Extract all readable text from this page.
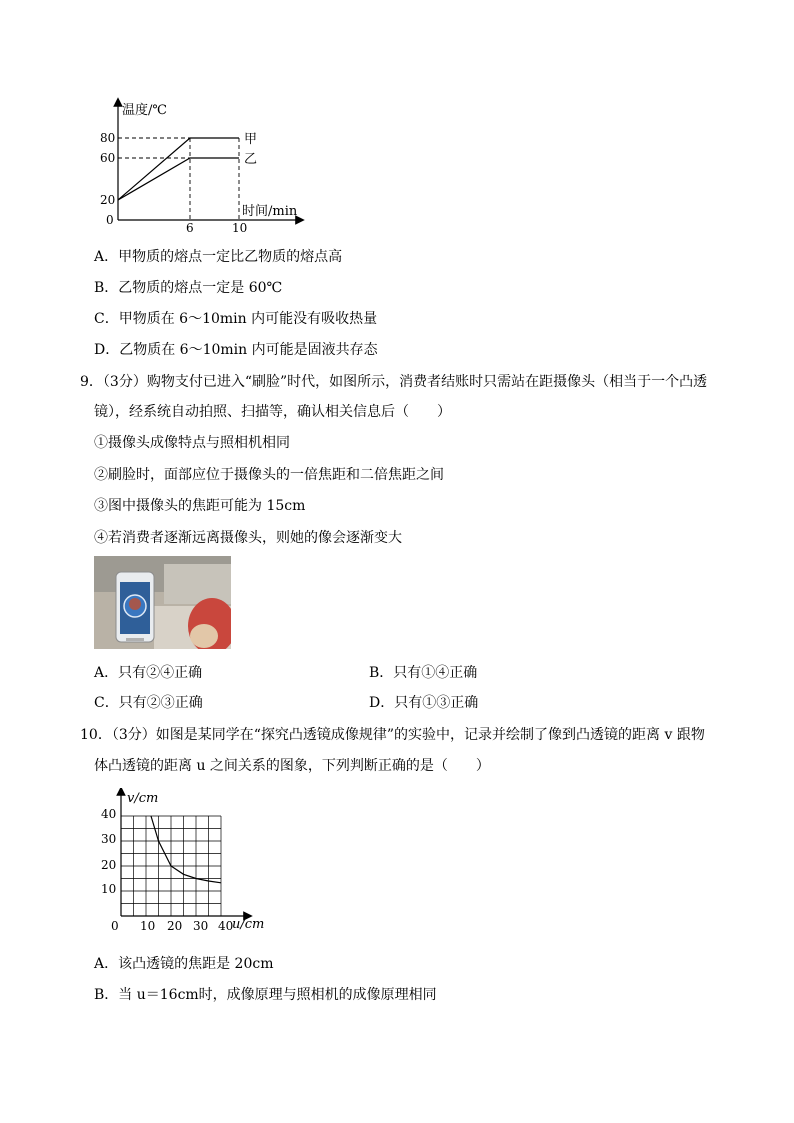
温度/℃
80
60
20
0
6	10
时间/min
甲
乙
A．甲物质的熔点一定比乙物质的熔点高
B．乙物质的熔点一定是 60℃
C．甲物质在 6～10min 内可能没有吸收热量
D．乙物质在 6～10min 内可能是固液共存态
9．（3分）购物支付已进入“刷脸”时代，如图所示，消费者结账时只需站在距摄像头（相当于一个凸透
镜），经系统自动拍照、扫描等，确认相关信息后（　　）
①摄像头成像特点与照相机相同
②刷脸时，面部应位于摄像头的一倍焦距和二倍焦距之间
③图中摄像头的焦距可能为 15cm
④若消费者逐渐远离摄像头，则她的像会逐渐变大
A．只有②④正确	B．只有①④正确
C．只有②③正确	D．只有①③正确
10．（3分）如图是某同学在“探究凸透镜成像规律”的实验中，记录并绘制了像到凸透镜的距离 v 跟物
体凸透镜的距离 u 之间关系的图象，下列判断正确的是（　　）
v/cm
40
30
20
10
0 10 20 30 40
u/cm
A．该凸透镜的焦距是 20cm
B．当 u＝16cm时，成像原理与照相机的成像原理相同
